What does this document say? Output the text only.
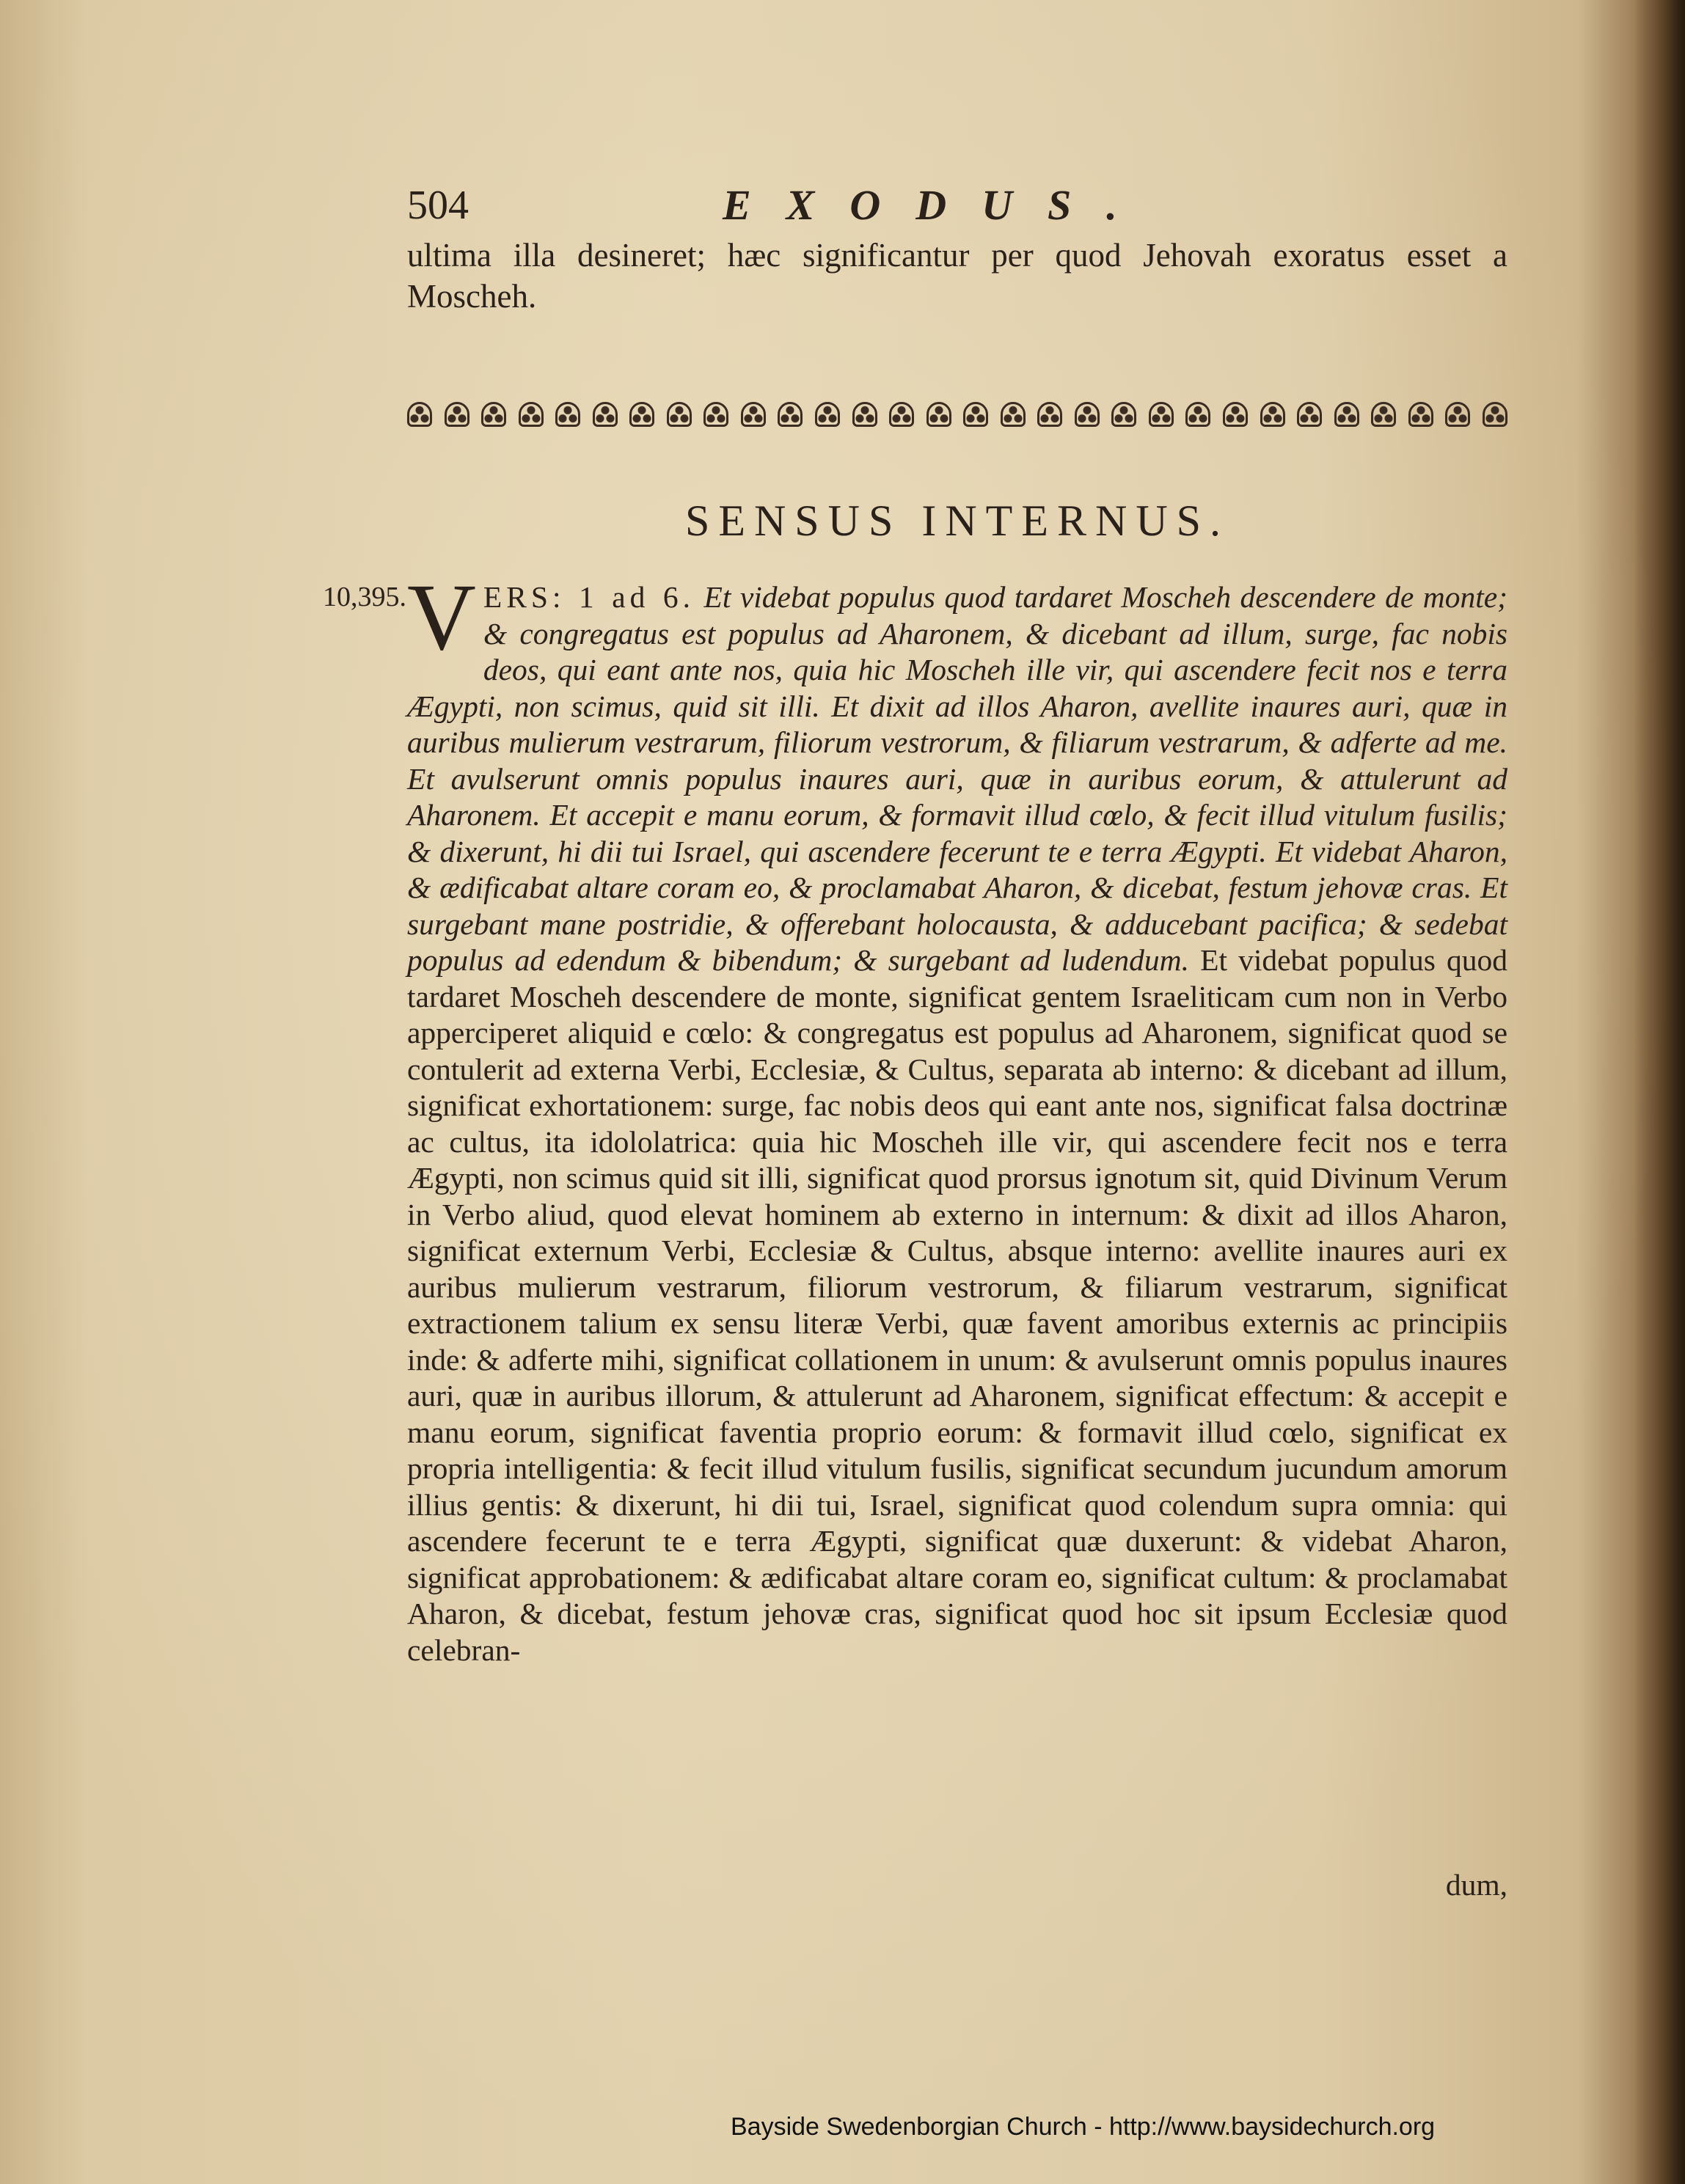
504	EXODUS.

ultima illa desineret; hæc significantur per quod Jehovah exoratus esset a Moscheh.

SENSUS INTERNUS.
10,395. VERS: 1 ad 6. Et videbat populus quod tardaret Moscheh descendere de monte; & congregatus est populus ad Aharonem, & dicebant ad illum, surge, fac nobis deos, qui eant ante nos, quia hic Moscheh ille vir, qui ascendere fecit nos e terra Ægypti, non scimus, quid sit illi. Et dixit ad illos Aharon, avellite inaures auri, quæ in auribus mulierum vestrarum, filiorum vestrorum, & filiarum vestrarum, & adferte ad me. Et avulserunt omnis populus inaures auri, quæ in auribus eorum, & attulerunt ad Aharonem. Et accepit e manu eorum, & formavit illud cœlo, & fecit illud vitulum fusilis; & dixerunt, hi dii tui Israel, qui ascendere fecerunt te e terra Ægypti. Et videbat Aharon, & ædificabat altare coram eo, & proclamabat Aharon, & dicebat, festum jehovæ cras. Et surgebant mane postridie, & offerebant holocausta, & adducebant pacifica; & sedebat populus ad edendum & bibendum; & surgebant ad ludendum. Et videbat populus quod tardaret Moscheh descendere de monte, significat gentem Israeliticam cum non in Verbo apperciperet aliquid e cœlo: & congregatus est populus ad Aharonem, significat quod se contulerit ad externa Verbi, Ecclesiæ, & Cultus, separata ab interno: & dicebant ad illum, significat exhortationem: surge, fac nobis deos qui eant ante nos, significat falsa doctrinæ ac cultus, ita idololatrica: quia hic Moscheh ille vir, qui ascendere fecit nos e terra Ægypti, non scimus quid sit illi, significat quod prorsus ignotum sit, quid Divinum Verum in Verbo aliud, quod elevat hominem ab externo in internum: & dixit ad illos Aharon, significat externum Verbi, Ecclesiæ & Cultus, absque interno: avellite inaures auri ex auribus mulierum vestrarum, filiorum vestrorum, & filiarum vestrarum, significat extractionem talium ex sensu literæ Verbi, quæ favent amoribus externis ac principiis inde: & adferte mihi, significat collationem in unum: & avulserunt omnis populus inaures auri, quæ in auribus illorum, & attulerunt ad Aharonem, significat effectum: & accepit e manu eorum, significat faventia proprio eorum: & formavit illud cœlo, significat ex propria intelligentia: & fecit illud vitulum fusilis, significat secundum jucundum amorum illius gentis: & dixerunt, hi dii tui, Israel, significat quod colendum supra omnia: qui ascendere fecerunt te e terra Ægypti, significat quæ duxerunt: & videbat Aharon, significat approbationem: & ædificabat altare coram eo, significat cultum: & proclamabat Aharon, & dicebat, festum jehovæ cras, significat quod hoc sit ipsum Ecclesiæ quod celebran-

dum,
Bayside Swedenborgian Church - http://www.baysidechurch.org
